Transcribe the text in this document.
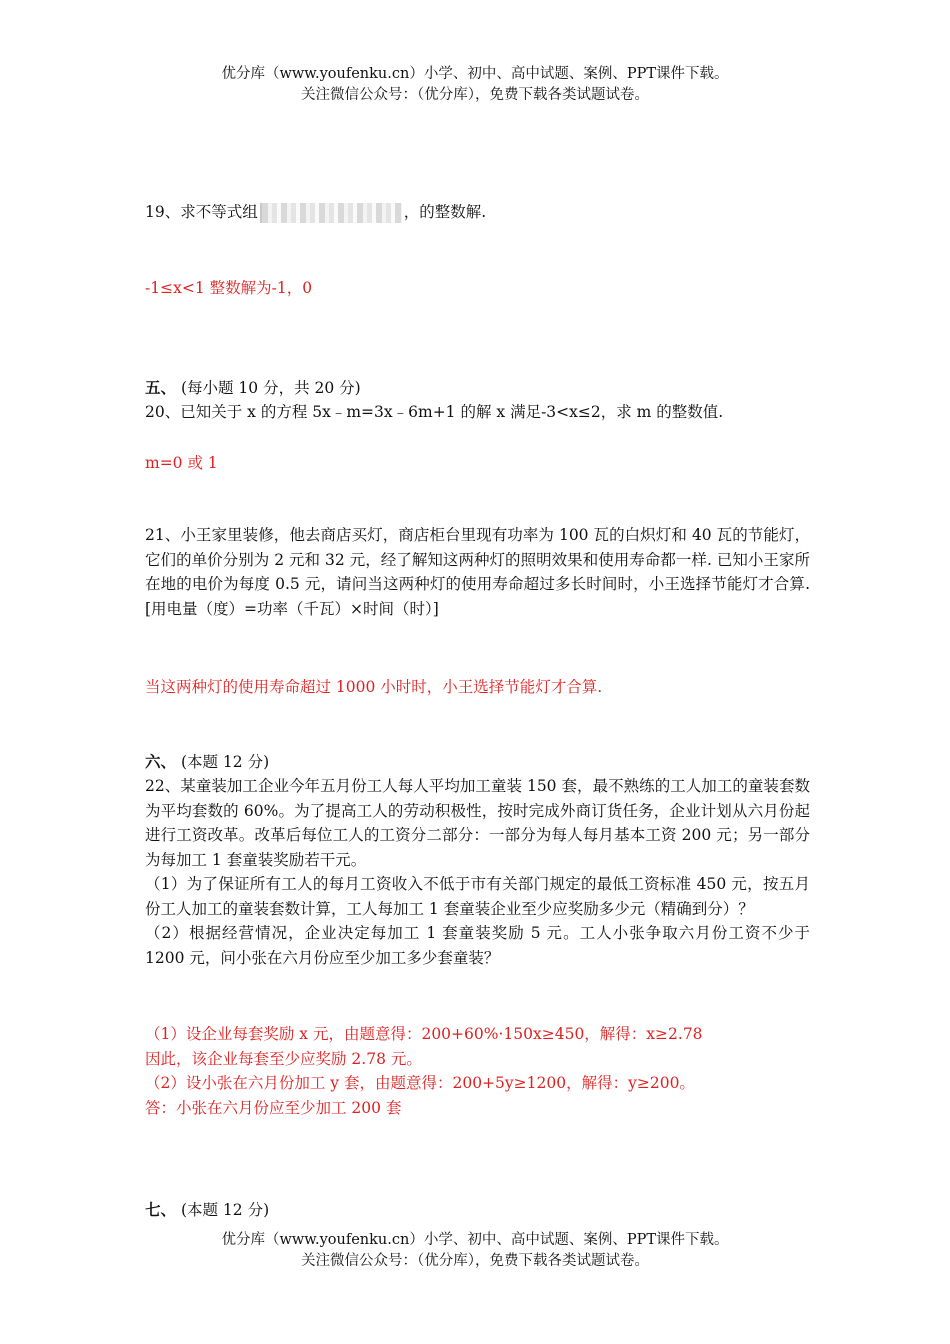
优分库（www.youfenku.cn）小学、初中、高中试题、案例、PPT课件下载。
关注微信公众号：（优分库），免费下载各类试题试卷。
19、求不等式组	，的整数解.
-1≤x<1 整数解为-1，0
五、 (每小题 10 分，共 20 分)
20、已知关于 x 的方程 5x﹣m=3x﹣6m+1 的解 x 满足-3<x≤2，求 m 的整数值.
m=0 或 1
21、小王家里装修，他去商店买灯，商店柜台里现有功率为 100 瓦的白炽灯和 40 瓦的节能灯，它们的单价分别为 2 元和 32 元，经了解知这两种灯的照明效果和使用寿命都一样. 已知小王家所在地的电价为每度 0.5 元，请问当这两种灯的使用寿命超过多长时间时，小王选择节能灯才合算. [用电量（度）=功率（千瓦）×时间（时）]
当这两种灯的使用寿命超过 1000 小时时，小王选择节能灯才合算.
六、 (本题 12 分)

22、某童装加工企业今年五月份工人每人平均加工童装 150 套，最不熟练的工人加工的童装套数为平均套数的 60%。为了提高工人的劳动积极性，按时完成外商订货任务，企业计划从六月份起进行工资改革。改革后每位工人的工资分二部分：一部分为每人每月基本工资 200 元；另一部分为每加工 1 套童装奖励若干元。

（1）为了保证所有工人的每月工资收入不低于市有关部门规定的最低工资标准 450 元，按五月份工人加工的童装套数计算，工人每加工 1 套童装企业至少应奖励多少元（精确到分）？

（2）根据经营情况，企业决定每加工 1 套童装奖励 5 元。工人小张争取六月份工资不少于 1200 元，问小张在六月份应至少加工多少套童装？

（1）设企业每套奖励 x 元，由题意得：200+60%·150x≥450，解得：x≥2.78

因此，该企业每套至少应奖励 2.78 元。

（2）设小张在六月份加工 y 套，由题意得：200+5y≥1200，解得：y≥200。

答：小张在六月份应至少加工 200 套

七、 (本题 12 分)
优分库（www.youfenku.cn）小学、初中、高中试题、案例、PPT课件下载。
关注微信公众号：（优分库），免费下载各类试题试卷。
